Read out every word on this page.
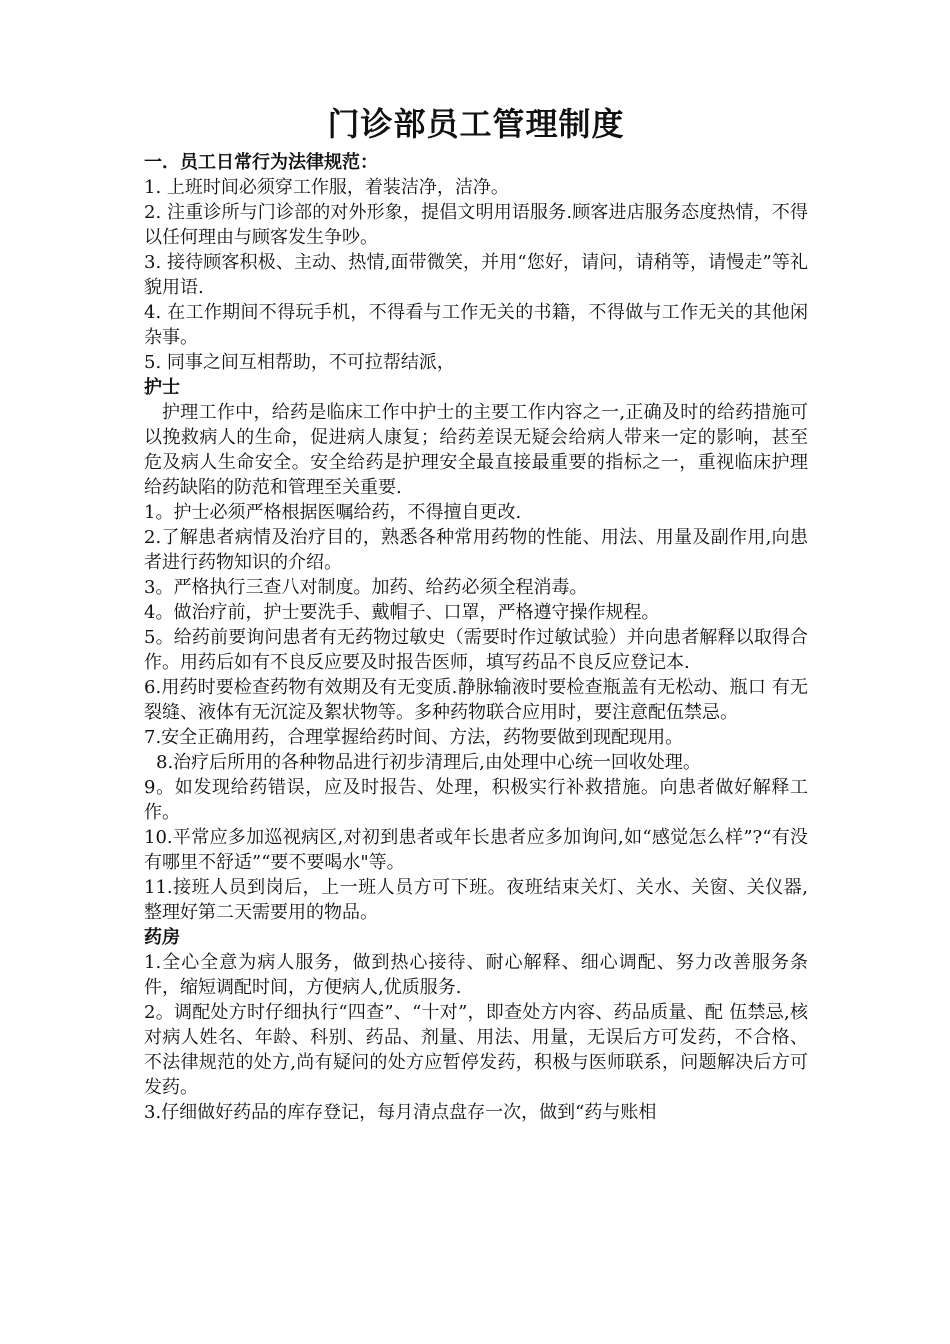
门诊部员工管理制度
一．员工日常行为法律规范：

1. 上班时间必须穿工作服，着装洁净，洁净。

2. 注重诊所与门诊部的对外形象，提倡文明用语服务.顾客进店服务态度热情，不得以任何理由与顾客发生争吵。

3. 接待顾客积极、主动、热情,面带微笑，并用“您好，请问，请稍等，请慢走”等礼貌用语.

4. 在工作期间不得玩手机，不得看与工作无关的书籍，不得做与工作无关的其他闲杂事。

5. 同事之间互相帮助，不可拉帮结派，

护士

护理工作中，给药是临床工作中护士的主要工作内容之一,正确及时的给药措施可以挽救病人的生命，促进病人康复；给药差误无疑会给病人带来一定的影响，甚至危及病人生命安全。安全给药是护理安全最直接最重要的指标之一，重视临床护理给药缺陷的防范和管理至关重要.

1。护士必须严格根据医嘱给药，不得擅自更改.

2.了解患者病情及治疗目的，熟悉各种常用药物的性能、用法、用量及副作用,向患者进行药物知识的介绍。

3。严格执行三查八对制度。加药、给药必须全程消毒。

4。做治疗前，护士要洗手、戴帽子、口罩，严格遵守操作规程。

5。给药前要询问患者有无药物过敏史（需要时作过敏试验）并向患者解释以取得合作。用药后如有不良反应要及时报告医师，填写药品不良反应登记本.

6.用药时要检查药物有效期及有无变质.静脉输液时要检查瓶盖有无松动、瓶口 有无裂缝、液体有无沉淀及絮状物等。多种药物联合应用时，要注意配伍禁忌。

7.安全正确用药，合理掌握给药时间、方法，药物要做到现配现用。

8.治疗后所用的各种物品进行初步清理后,由处理中心统一回收处理。

9。如发现给药错误，应及时报告、处理，积极实行补救措施。向患者做好解释工作。

10.平常应多加巡视病区,对初到患者或年长患者应多加询问,如“感觉怎么样”?“有没有哪里不舒适”“要不要喝水"等。

11.接班人员到岗后，上一班人员方可下班。夜班结束关灯、关水、关窗、关仪器,整理好第二天需要用的物品。

药房

1.全心全意为病人服务，做到热心接待、耐心解释、细心调配、努力改善服务条件，缩短调配时间，方便病人,优质服务.

2。调配处方时仔细执行“四查”、“十对”，即查处方内容、药品质量、配 伍禁忌,核对病人姓名、年龄、科别、药品、剂量、用法、用量，无误后方可发药，不合格、不法律规范的处方,尚有疑问的处方应暂停发药，积极与医师联系，问题解决后方可发药。

3.仔细做好药品的库存登记，每月清点盘存一次，做到“药与账相
